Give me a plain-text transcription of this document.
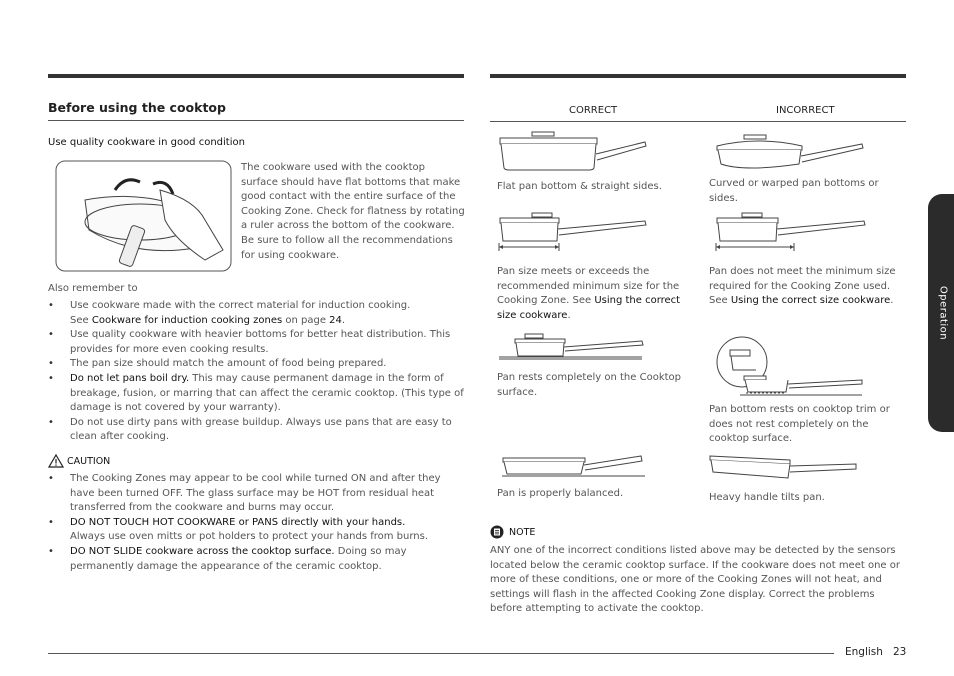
Before using the cooktop
Use quality cookware in good condition
The cookware used with the cooktop surface should have flat bottoms that make good contact with the entire surface of the Cooking Zone. Check for flatness by rotating a ruler across the bottom of the cookware. Be sure to follow all the recommendations for using cookware.
Also remember to
• Use cookware made with the correct material for induction cooking.
See Cookware for induction cooking zones on page 24.
• Use quality cookware with heavier bottoms for better heat distribution. This provides for more even cooking results.
• The pan size should match the amount of food being prepared.
• Do not let pans boil dry. This may cause permanent damage in the form of breakage, fusion, or marring that can affect the ceramic cooktop. (This type of damage is not covered by your warranty).
• Do not use dirty pans with grease buildup. Always use pans that are easy to clean after cooking.
CAUTION
• The Cooking Zones may appear to be cool while turned ON and after they have been turned OFF. The glass surface may be HOT from residual heat transferred from the cookware and burns may occur.
• DO NOT TOUCH HOT COOKWARE or PANS directly with your hands.
Always use oven mitts or pot holders to protect your hands from burns.
• DO NOT SLIDE cookware across the cooktop surface. Doing so may permanently damage the appearance of the ceramic cooktop.
CORRECT	INCORRECT
Flat pan bottom & straight sides.	Curved or warped pan bottoms or sides.
Pan size meets or exceeds the recommended minimum size for the Cooking Zone. See Using the correct size cookware.
Pan does not meet the minimum size required for the Cooking Zone used. See Using the correct size cookware.
Pan rests completely on the Cooktop surface.
Pan bottom rests on cooktop trim or does not rest completely on the cooktop surface.
Pan is properly balanced.	Heavy handle tilts pan.
NOTE
ANY one of the incorrect conditions listed above may be detected by the sensors located below the ceramic cooktop surface. If the cookware does not meet one or more of these conditions, one or more of the Cooking Zones will not heat, and settings will flash in the affected Cooking Zone display. Correct the problems before attempting to activate the cooktop.
Operation
English 23
